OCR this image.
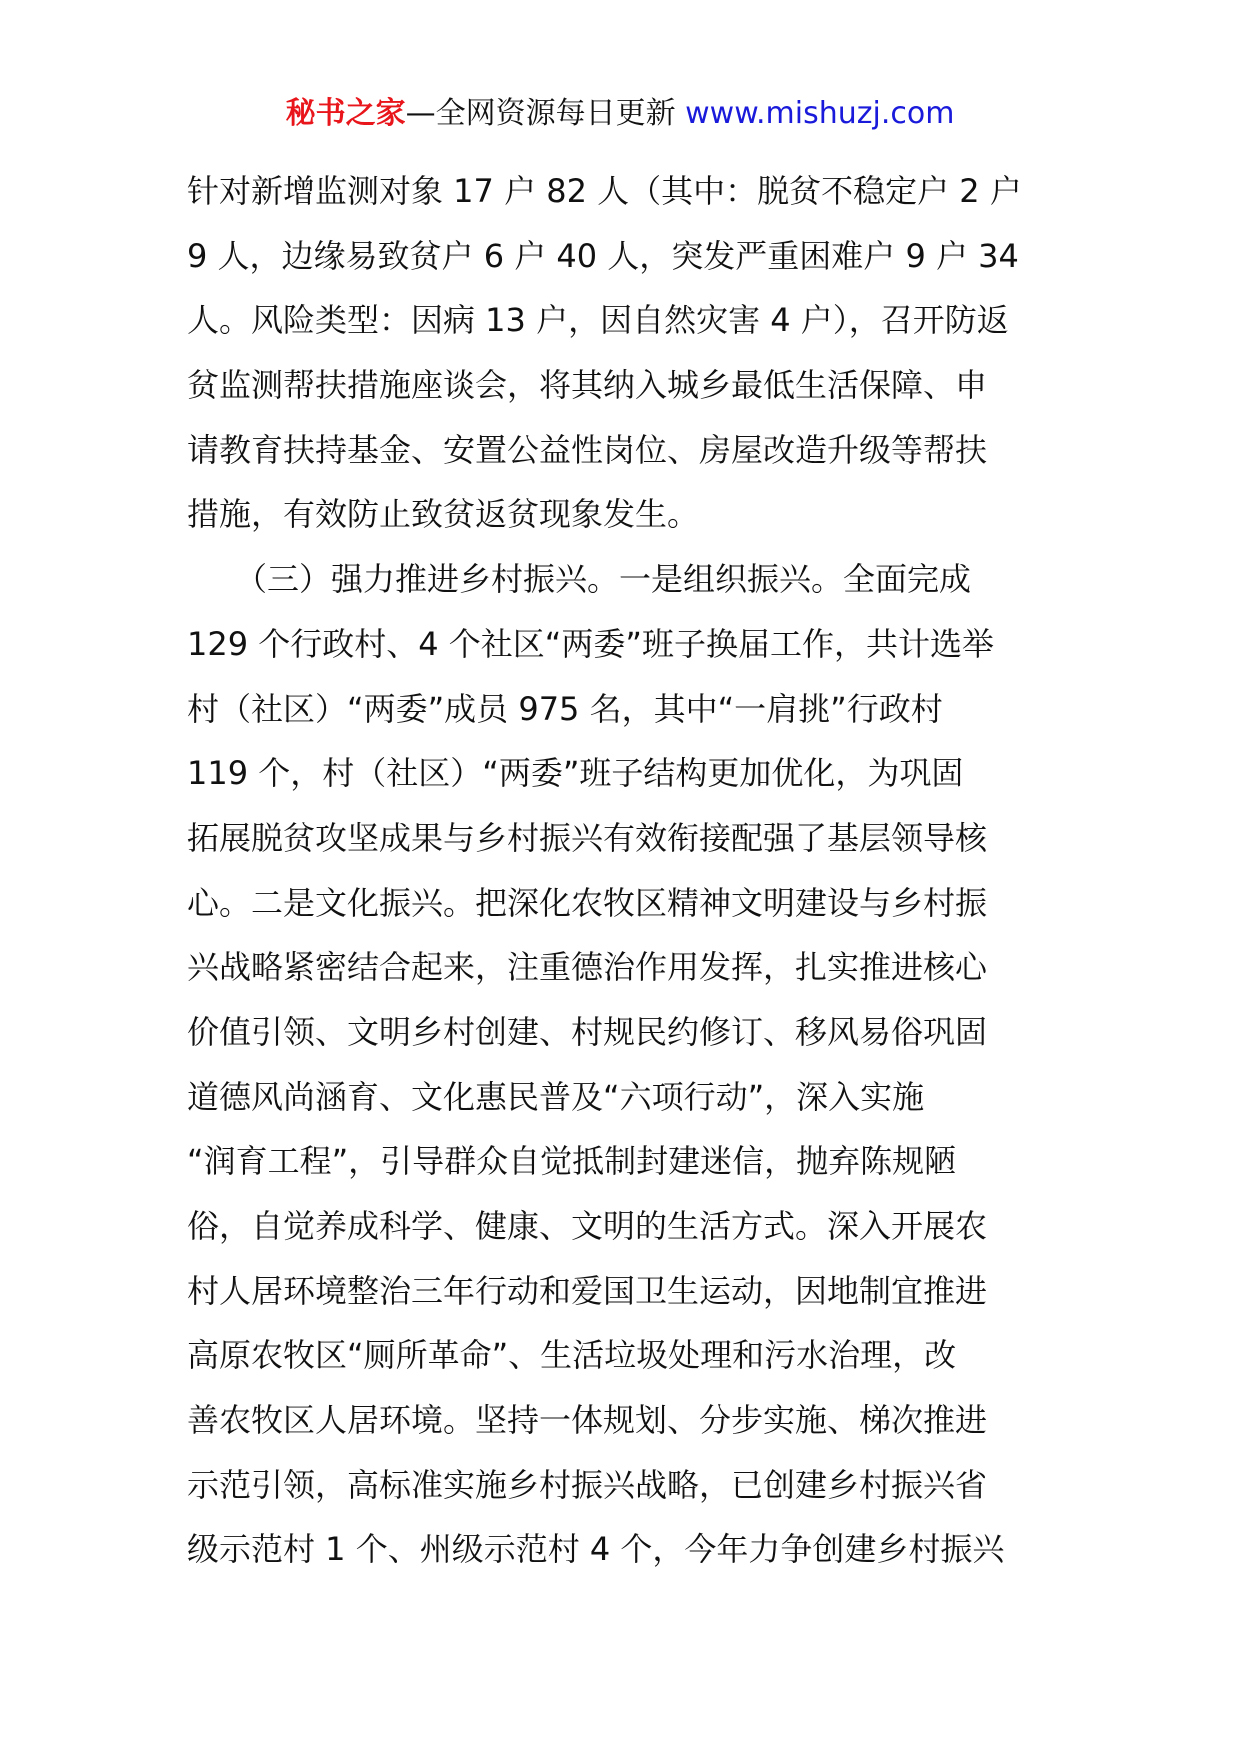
秘书之家—全网资源每日更新 www.mishuzj.com
针对新增监测对象 17 户 82 人（其中：脱贫不稳定户 2 户
9 人，边缘易致贫户 6 户 40 人，突发严重困难户 9 户 34
人。风险类型：因病 13 户，因自然灾害 4 户），召开防返
贫监测帮扶措施座谈会，将其纳入城乡最低生活保障、申
请教育扶持基金、安置公益性岗位、房屋改造升级等帮扶
措施，有效防止致贫返贫现象发生。
　　（三）强力推进乡村振兴。一是组织振兴。全面完成
129 个行政村、4 个社区“两委”班子换届工作，共计选举
村（社区）“两委”成员 975 名，其中“一肩挑”行政村
119 个，村（社区）“两委”班子结构更加优化，为巩固
拓展脱贫攻坚成果与乡村振兴有效衔接配强了基层领导核
心。二是文化振兴。把深化农牧区精神文明建设与乡村振
兴战略紧密结合起来，注重德治作用发挥，扎实推进核心
价值引领、文明乡村创建、村规民约修订、移风易俗巩固
道德风尚涵育、文化惠民普及“六项行动”，深入实施
“润育工程”，引导群众自觉抵制封建迷信，抛弃陈规陋
俗，自觉养成科学、健康、文明的生活方式。深入开展农
村人居环境整治三年行动和爱国卫生运动，因地制宜推进
高原农牧区“厕所革命”、生活垃圾处理和污水治理，改
善农牧区人居环境。坚持一体规划、分步实施、梯次推进
示范引领，高标准实施乡村振兴战略，已创建乡村振兴省
级示范村 1 个、州级示范村 4 个，今年力争创建乡村振兴
